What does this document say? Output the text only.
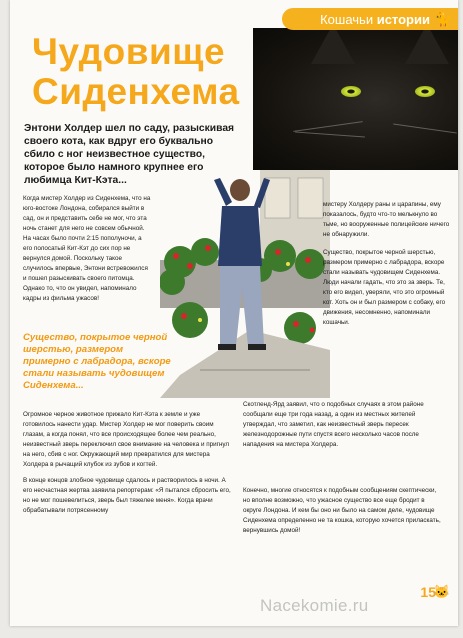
Кошачьи истории 🐈
Чудовище
Сиденхема
Энтони Холдер шел по саду, разыскивая своего кота, как вдруг его буквально сбило с ног неизвестное существо, которое было намного крупнее его любимца Кит-Кэта...
Когда мистер Холдер из Сиденхема, что на юго-востоке Лондона, собирался выйти в сад, он и представить себе не мог, что эта ночь станет для него не совсем обычной. На часах было почти 2:15 пополуночи, а его полосатый Кит-Кэт до сих пор не вернулся домой. Поскольку такое случилось впервые, Энтони встревожился и пошел разыскивать своего питомца. Однако то, что он увидел, напоминало кадры из фильма ужасов!
Существо, покрытое черной шерстью, размером примерно с лабрадора, вскоре стали называть чудовищем Сиденхема...
Огромное черное животное прижало Кит-Кэта к земле и уже готовилось нанести удар. Мистер Холдер не мог поверить своим глазам, а когда понял, что все происходящее более чем реально, неизвестный зверь переключил свое внимание на человека и пригнул на него, сбив с ног. Окружающий мир превратился для мистера Холдера в рычащий клубок из зубов и когтей.
В конце концов злобное чудовище сдалось и растворилось в ночи. А его несчастная жертва заявила репортерам: «Я пытался сбросить его, но не мог пошевелиться, зверь был тяжелее меня». Когда врачи обрабатывали потрясенному
мистеру Холдеру раны и царапины, ему показалось, будто что-то мелькнуло во тьме, но вооруженные полицейские ничего не обнаружили.
Существо, покрытое черной шерстью, размером примерно с лабрадора, вскоре стали называть чудовищем Сиденхема. Люди начали гадать, что это за зверь. Те, кто его видел, уверяли, что это огромный кот. Хоть он и был размером с собаку, его движения, несомненно, напоминали кошачьи.
Скотленд-Ярд заявил, что о подобных случаях в этом районе сообщали еще три года назад, а один из местных жителей утверждал, что заметил, как неизвестный зверь пересек железнодорожные пути спустя всего несколько часов после нападения на мистера Холдера.
Конечно, многие относятся к подобным сообщениям скептически, но вполне возможно, что ужасное существо все еще бродит в округе Лондона. И кем бы оно ни было на самом деле, чудовище Сиденхема определенно не та кошка, которую хочется приласкать, вернувшись домой!
15
🐱
Nacekomie.ru
